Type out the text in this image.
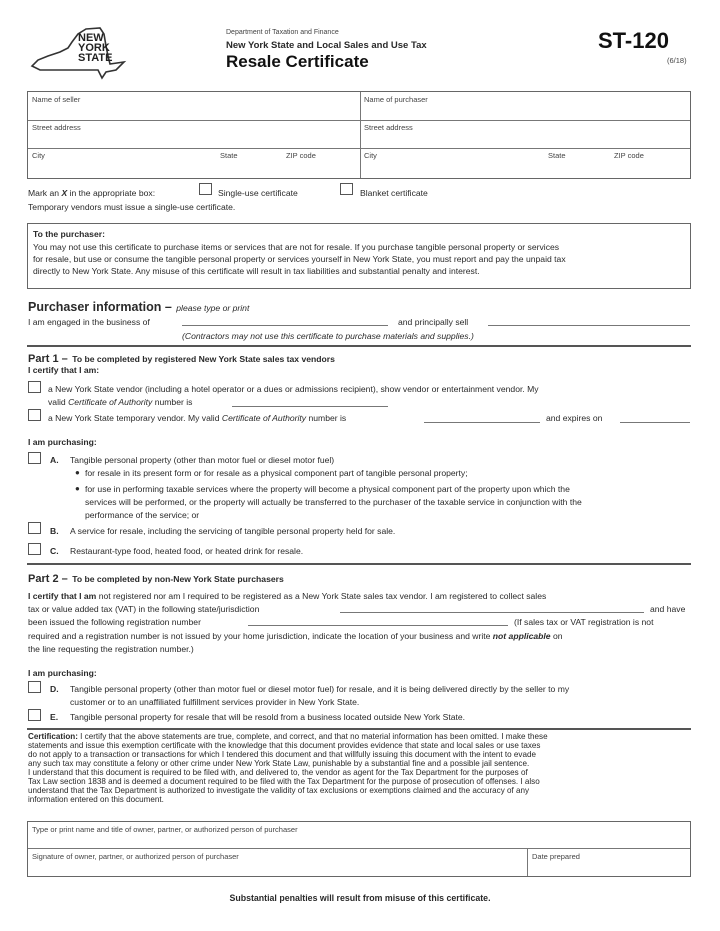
NEW
YORK
STATE
Department of Taxation and Finance
New York State and Local Sales and Use Tax
Resale Certificate
ST-120
(6/18)
Name of seller
Street address
City	State	ZIP code
Name of purchaser
Street address
City	State	ZIP code
Mark an X in the appropriate box:	Single-use certificate	Blanket certificate
Temporary vendors must issue a single-use certificate.
To the purchaser:
You may not use this certificate to purchase items or services that are not for resale. If you purchase tangible personal property or services
for resale, but use or consume the tangible personal property or services yourself in New York State, you must report and pay the unpaid tax
directly to New York State. Any misuse of this certificate will result in tax liabilities and substantial penalty and interest.
Purchaser information – please type or print
I am engaged in the business of	and principally sell
(Contractors may not use this certificate to purchase materials and supplies.)
Part 1 – To be completed by registered New York State sales tax vendors
I certify that I am:
a New York State vendor (including a hotel operator or a dues or admissions recipient), show vendor or entertainment vendor. My
valid Certificate of Authority number is
a New York State temporary vendor. My valid Certificate of Authority number is	and expires on
I am purchasing:
A. Tangible personal property (other than motor fuel or diesel motor fuel)
● for resale in its present form or for resale as a physical component part of tangible personal property;
● for use in performing taxable services where the property will become a physical component part of the property upon which the
services will be performed, or the property will actually be transferred to the purchaser of the taxable service in conjunction with the
performance of the service; or
B. A service for resale, including the servicing of tangible personal property held for sale.
C. Restaurant-type food, heated food, or heated drink for resale.
Part 2 – To be completed by non-New York State purchasers
I certify that I am not registered nor am I required to be registered as a New York State sales tax vendor. I am registered to collect sales
tax or value added tax (VAT) in the following state/jurisdiction	and have
been issued the following registration number	(If sales tax or VAT registration is not
required and a registration number is not issued by your home jurisdiction, indicate the location of your business and write not applicable on
the line requesting the registration number.)
I am purchasing:
D. Tangible personal property (other than motor fuel or diesel motor fuel) for resale, and it is being delivered directly by the seller to my
customer or to an unaffiliated fulfillment services provider in New York State.
E. Tangible personal property for resale that will be resold from a business located outside New York State.
Certification: I certify that the above statements are true, complete, and correct, and that no material information has been omitted. I make these
statements and issue this exemption certificate with the knowledge that this document provides evidence that state and local sales or use taxes
do not apply to a transaction or transactions for which I tendered this document and that willfully issuing this document with the intent to evade
any such tax may constitute a felony or other crime under New York State Law, punishable by a substantial fine and a possible jail sentence.
I understand that this document is required to be filed with, and delivered to, the vendor as agent for the Tax Department for the purposes of
Tax Law section 1838 and is deemed a document required to be filed with the Tax Department for the purpose of prosecution of offenses. I also
understand that the Tax Department is authorized to investigate the validity of tax exclusions or exemptions claimed and the accuracy of any
information entered on this document.
Type or print name and title of owner, partner, or authorized person of purchaser
Signature of owner, partner, or authorized person of purchaser	Date prepared
Substantial penalties will result from misuse of this certificate.
